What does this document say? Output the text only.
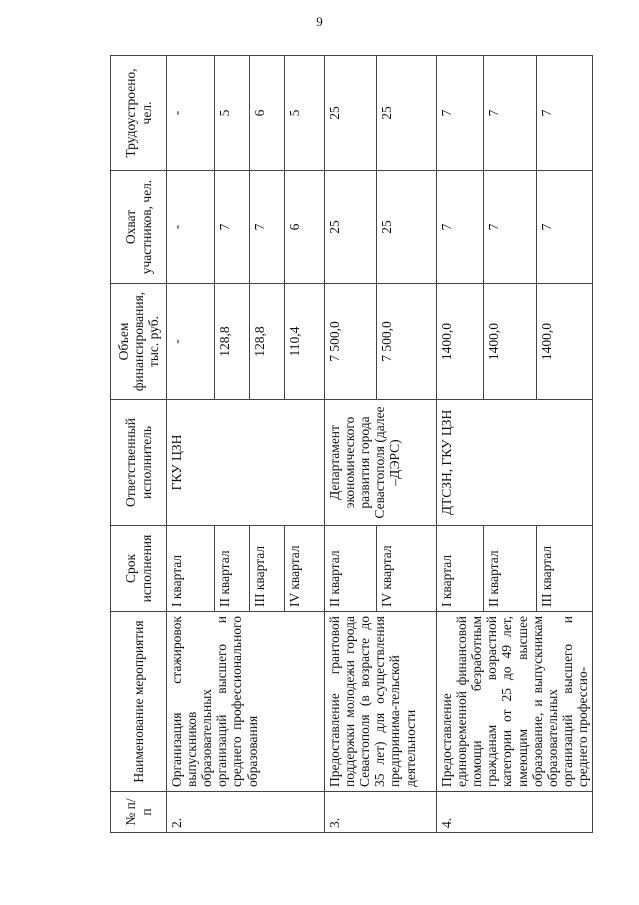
9
№ п/п	Наименование мероприятия	Срок исполнения	Ответственный исполнитель	Объем финансирования, тыс. руб.	Охват участников, чел.	Трудоустроено, чел.
2.	Организация стажировок выпускников образовательных организаций высшего и среднего профессионального образования	I квартал	ГКУ ЦЗН	-	-	-
		II квартал		128,8	7	5
		III квартал		128,8	7	6
		IV квартал		110,4	6	5
3.	Предоставление грантовой поддержки молодежи города Севастополя (в возрасте до 35 лет) для осуществления предпринима-тельской деятельности	II квартал	Департамент экономического развития города Севастополя (далее –ДЭРС)	7 500,0	25	25
		IV квартал		7 500,0	25	25
4.	Предоставление единовременной финансовой помощи безработным гражданам возрастной категории от 25 до 49 лет, имеющим высшее образование, и выпускникам образовательных организаций высшего и среднего профессио-	I квартал	ДТСЗН, ГКУ ЦЗН	1400,0	7	7
		II квартал		1400,0	7	7
		III квартал		1400,0	7	7
